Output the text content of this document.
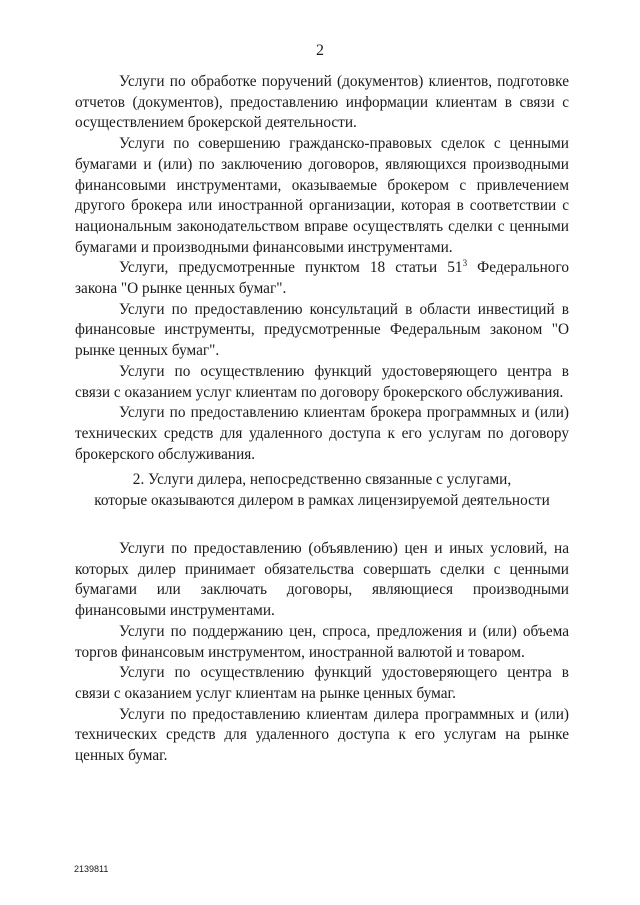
2

Услуги по обработке поручений (документов) клиентов, подготовке отчетов (документов), предоставлению информации клиентам в связи с осуществлением брокерской деятельности.

Услуги по совершению гражданско-правовых сделок с ценными бумагами и (или) по заключению договоров, являющихся производными финансовыми инструментами, оказываемые брокером с привлечением другого брокера или иностранной организации, которая в соответствии с национальным законодательством вправе осуществлять сделки с ценными бумагами и производными финансовыми инструментами.

Услуги, предусмотренные пунктом 18 статьи $51^3$ Федерального закона "О рынке ценных бумаг".

Услуги по предоставлению консультаций в области инвестиций в финансовые инструменты, предусмотренные Федеральным законом "О рынке ценных бумаг".

Услуги по осуществлению функций удостоверяющего центра в связи с оказанием услуг клиентам по договору брокерского обслуживания.

Услуги по предоставлению клиентам брокера программных и (или) технических средств для удаленного доступа к его услугам по договору брокерского обслуживания.

2. Услуги дилера, непосредственно связанные с услугами,
которые оказываются дилером в рамках лицензируемой деятельности

Услуги по предоставлению (объявлению) цен и иных условий, на которых дилер принимает обязательства совершать сделки с ценными бумагами или заключать договоры, являющиеся производными финансовыми инструментами.

Услуги по поддержанию цен, спроса, предложения и (или) объема торгов финансовым инструментом, иностранной валютой и товаром.

Услуги по осуществлению функций удостоверяющего центра в связи с оказанием услуг клиентам на рынке ценных бумаг.

Услуги по предоставлению клиентам дилера программных и (или) технических средств для удаленного доступа к его услугам на рынке ценных бумаг.

2139811
